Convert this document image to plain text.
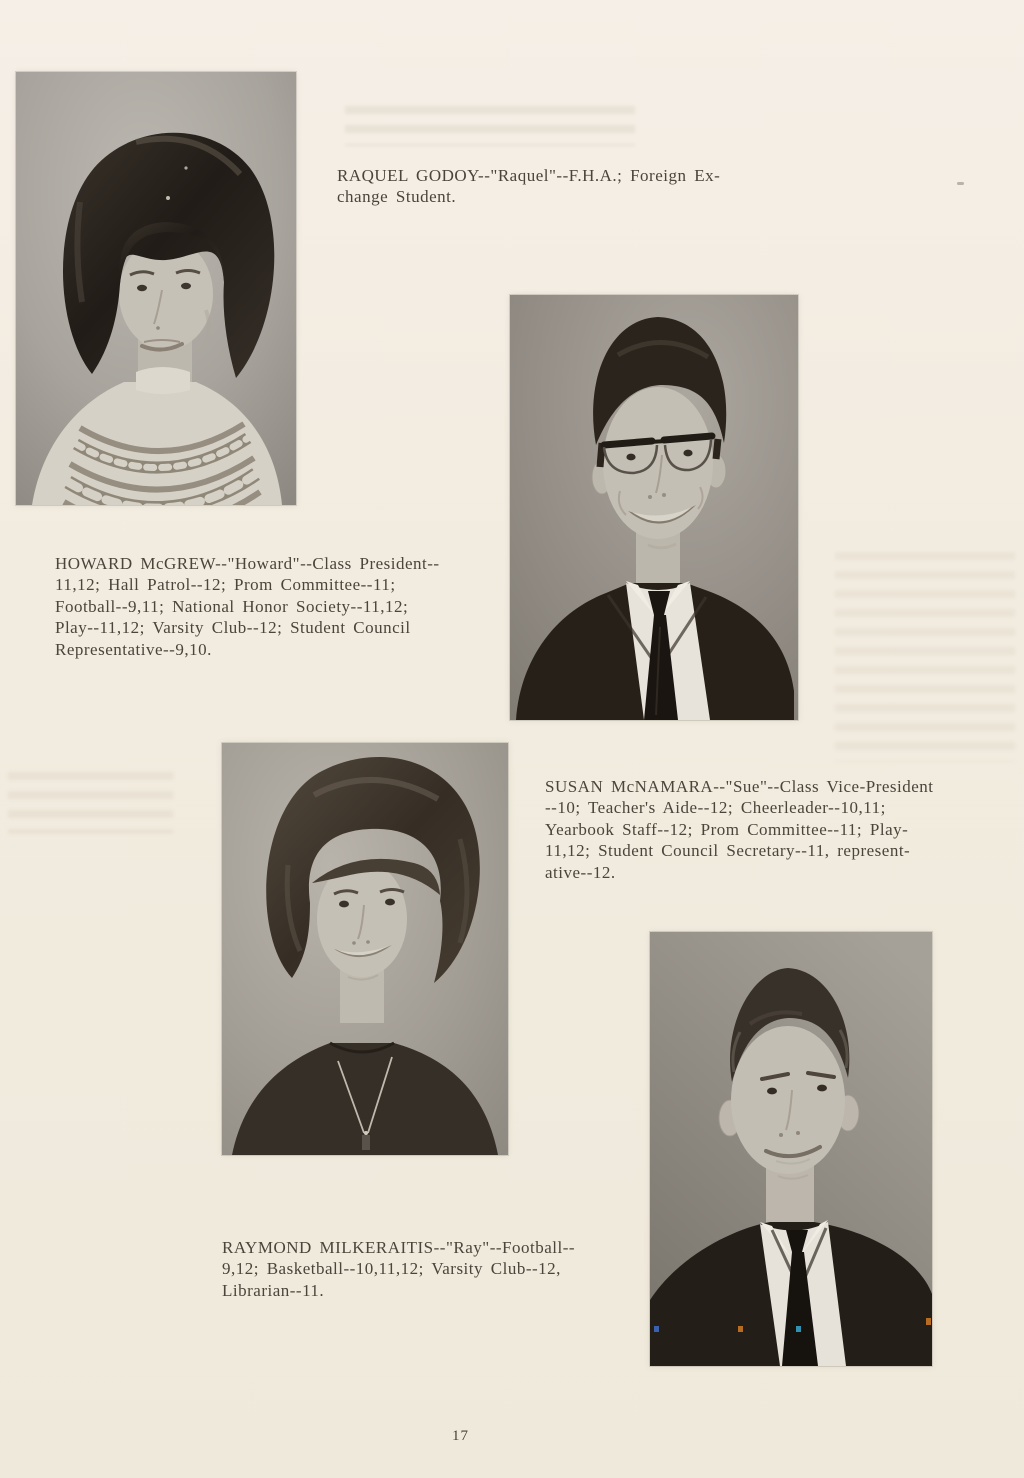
RAQUEL GODOY--"Raquel"--F.H.A.; Foreign Ex-
change Student.
HOWARD McGREW--"Howard"--Class President--
11,12; Hall Patrol--12; Prom Committee--11;
Football--9,11; National Honor Society--11,12;
Play--11,12; Varsity Club--12; Student Council
Representative--9,10.
SUSAN McNAMARA--"Sue"--Class Vice-President
--10; Teacher's Aide--12; Cheerleader--10,11;
Yearbook Staff--12; Prom Committee--11; Play-
11,12; Student Council Secretary--11, represent-
ative--12.
RAYMOND MILKERAITIS--"Ray"--Football--
9,12; Basketball--10,11,12; Varsity Club--12,
Librarian--11.
17
